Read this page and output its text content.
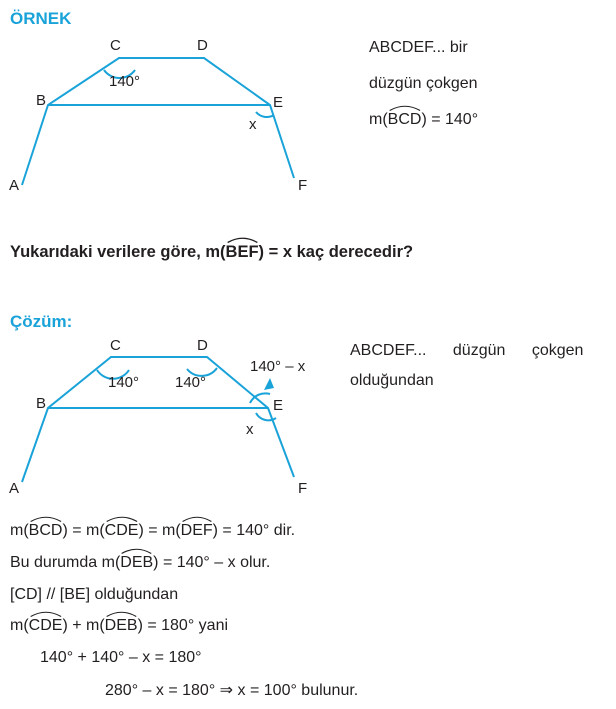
ÖRNEK
A
B
C	D
E
F
x
140°
ABCDEF... bir
düzgün çokgen
m(
BCD) = 140°
Yukarıdaki verilere göre, m(
BEF) = x kaç derecedir?
Çözüm:
A
B
C	D
E
F
x
140° 140°
140° – x
ABCDEF... düzgün çokgen
olduğundan
m(
BCD) = m(
CDE) = m(
DEF) = 140° dir.
Bu durumda m(
DEB) = 140° – x olur.
[CD] // [BE] olduğundan
m(
CDE) + m(
DEB) = 180° yani
140° + 140° – x = 180°
280° – x = 180° ⇒ x = 100° bulunur.
